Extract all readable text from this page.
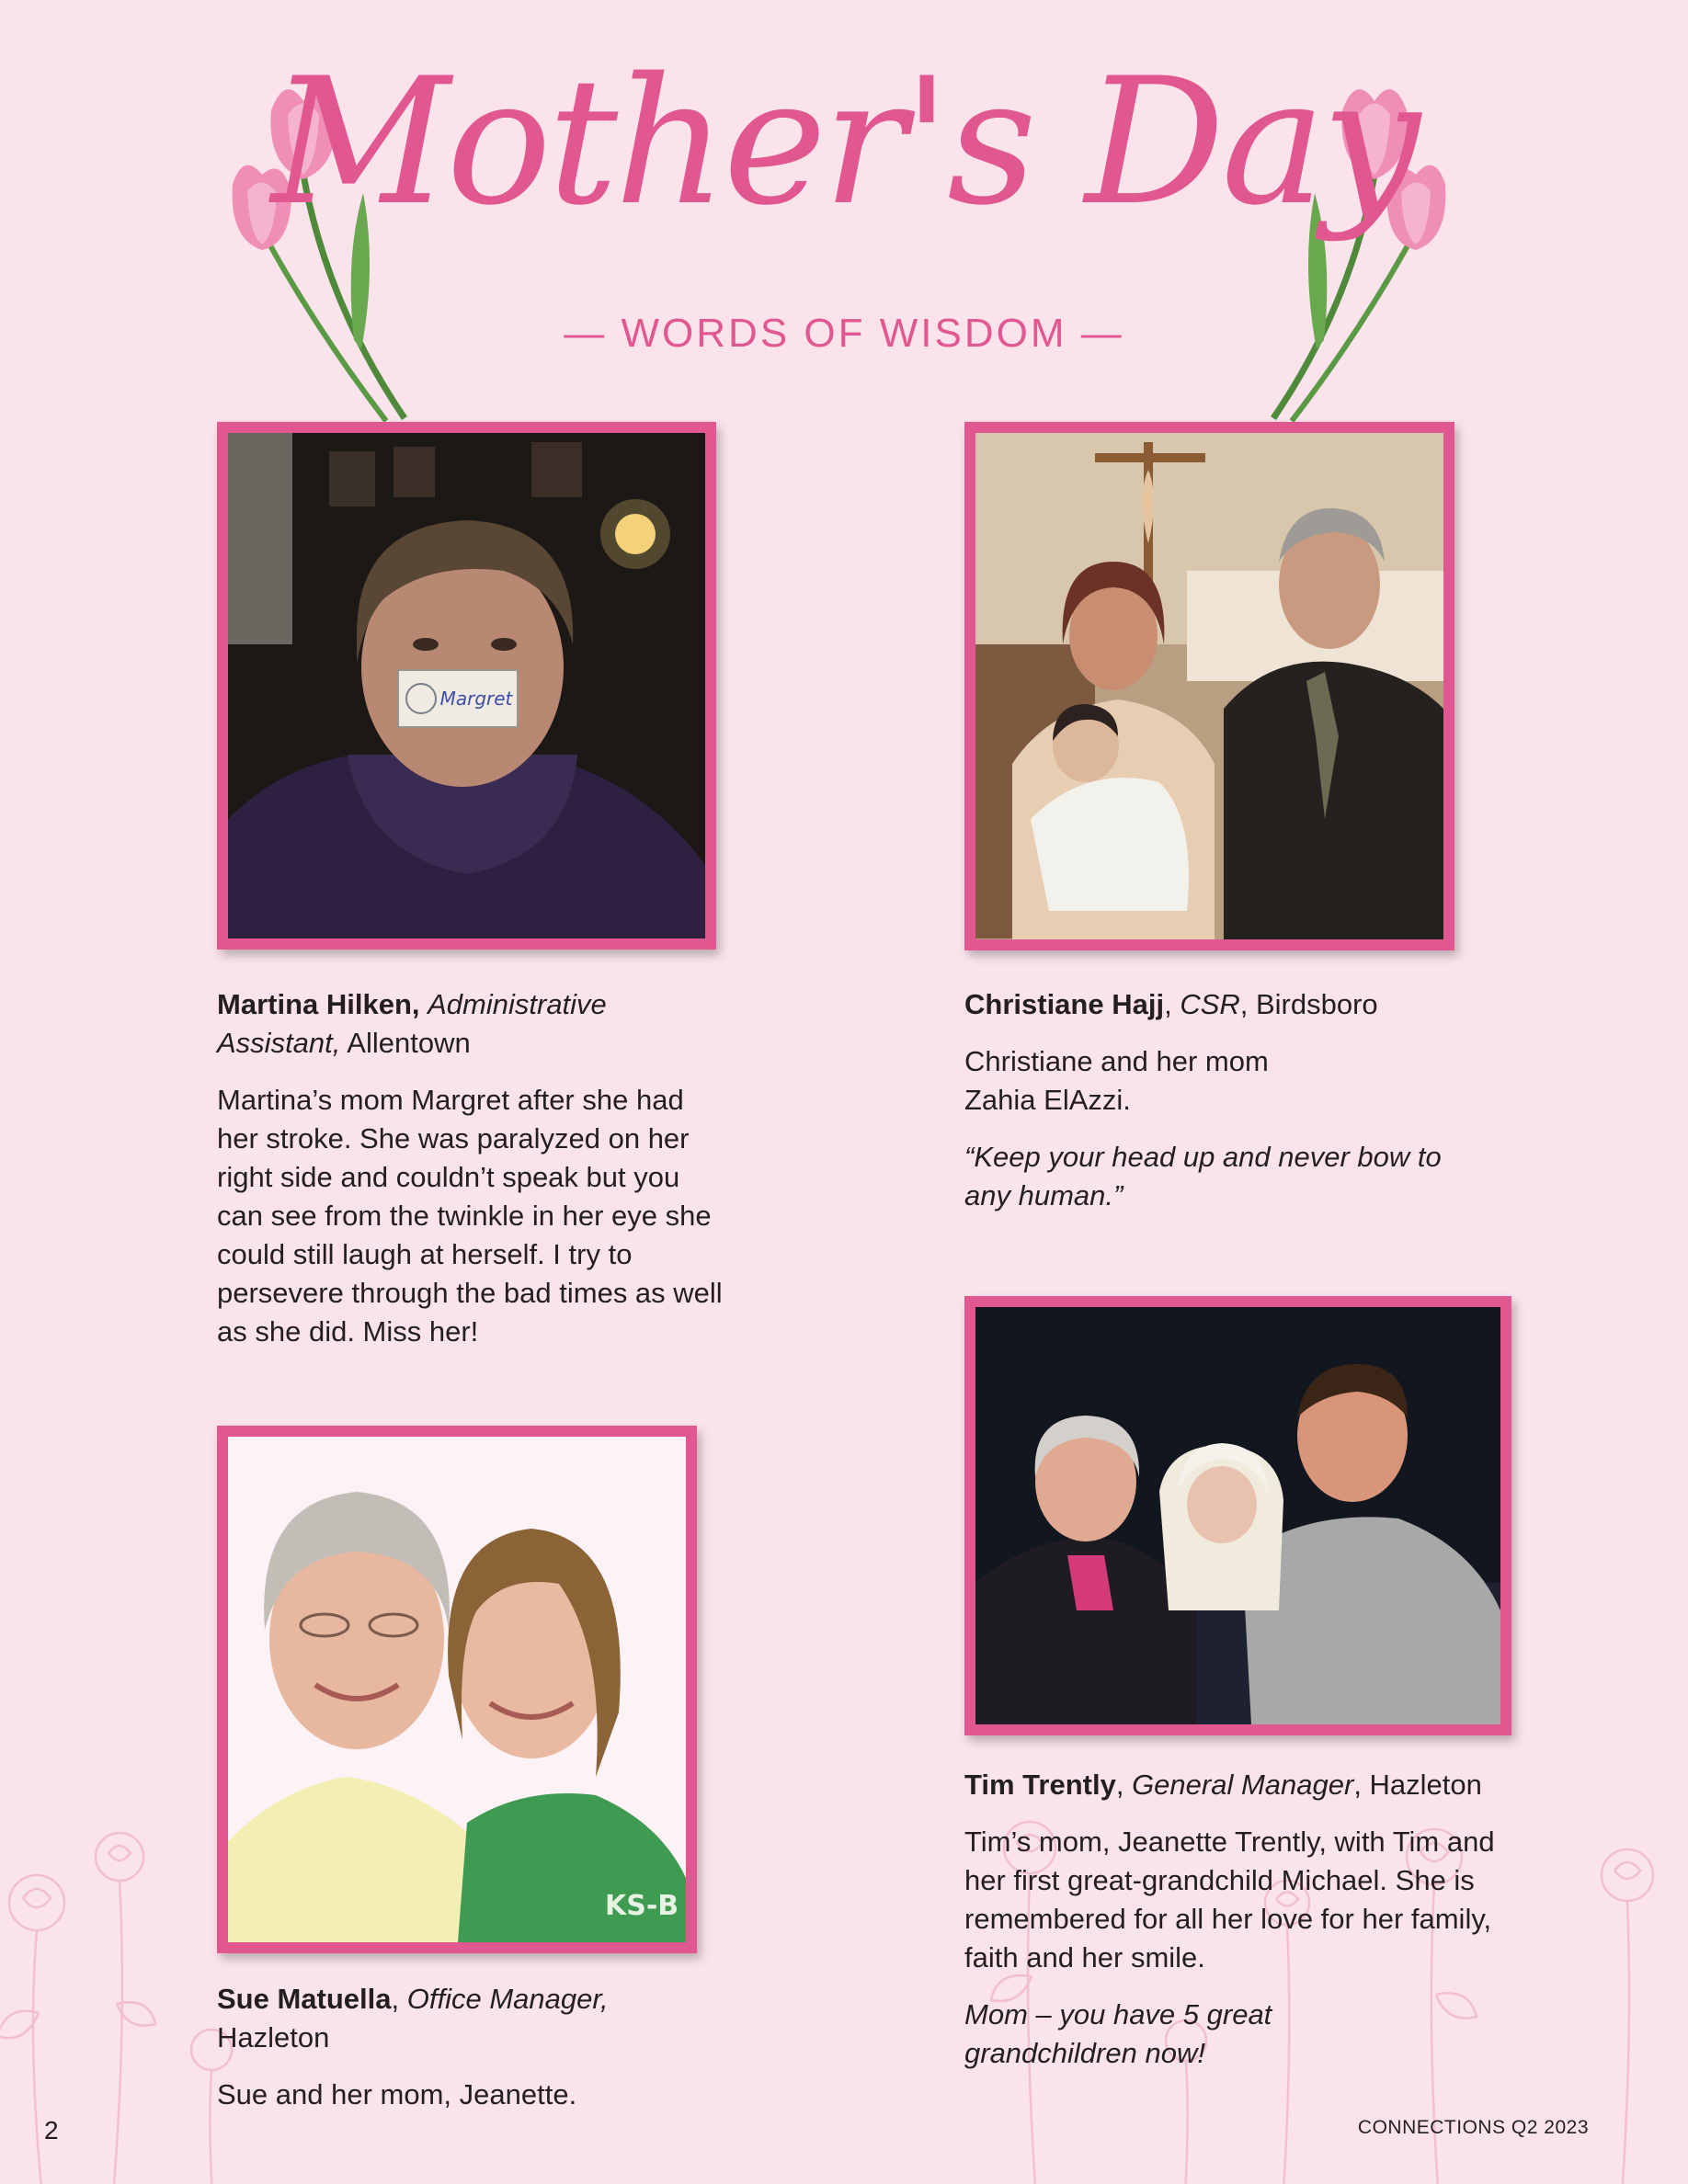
Mother's Day
— WORDS OF WISDOM —
Margret
KS-B

Martina Hilken, Administrative Assistant, Allentown

Martina’s mom Margret after she had her stroke. She was paralyzed on her right side and couldn’t speak but you can see from the twinkle in her eye she could still laugh at herself. I try to persevere through the bad times as well as she did. Miss her!

Christiane Hajj, CSR, Birdsboro

Christiane and her mom Zahia ElAzzi.

“Keep your head up and never bow to any human.”

Sue Matuella, Office Manager, Hazleton

Sue and her mom, Jeanette.

Tim Trently, General Manager, Hazleton

Tim’s mom, Jeanette Trently, with Tim and her first great-grandchild Michael. She is remembered for all her love for her family, faith and her smile.

Mom – you have 5 great grandchildren now!

2	CONNECTIONS Q2 2023
